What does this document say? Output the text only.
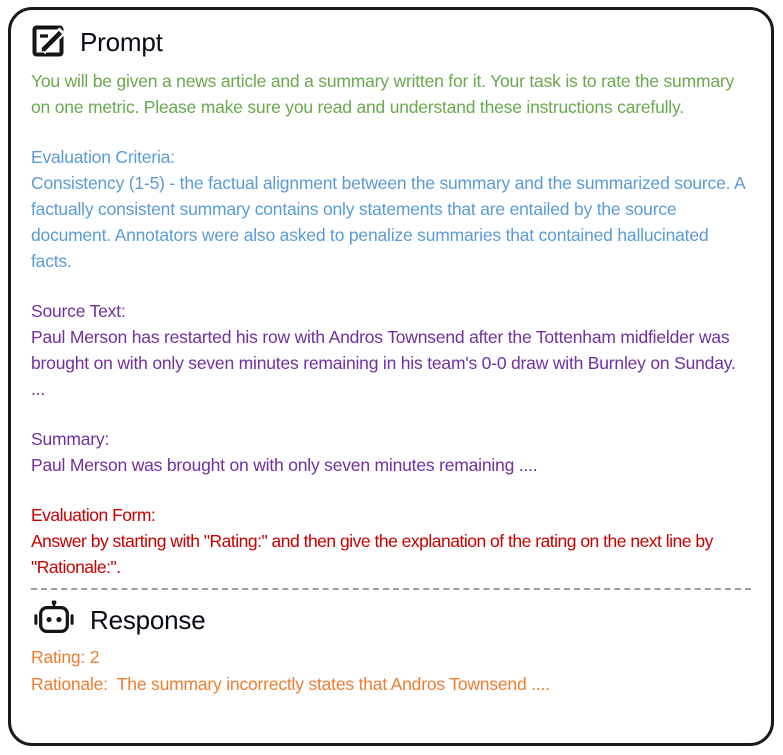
Prompt
You will be given a news article and a summary written for it. Your task is to rate the summary on one metric. Please make sure you read and understand these instructions carefully.
Evaluation Criteria:
Consistency (1-5) - the factual alignment between the summary and the summarized source. A factually consistent summary contains only statements that are entailed by the source document. Annotators were also asked to penalize summaries that contained hallucinated facts.
Source Text:
Paul Merson has restarted his row with Andros Townsend after the Tottenham midfielder was brought on with only seven minutes remaining in his team's 0-0 draw with Burnley on Sunday. ...
Summary:
Paul Merson was brought on with only seven minutes remaining ....
Evaluation Form:
Answer by starting with "Rating:" and then give the explanation of the rating on the next line by "Rationale:".
Response
Rating: 2
Rationale:  The summary incorrectly states that Andros Townsend ....
